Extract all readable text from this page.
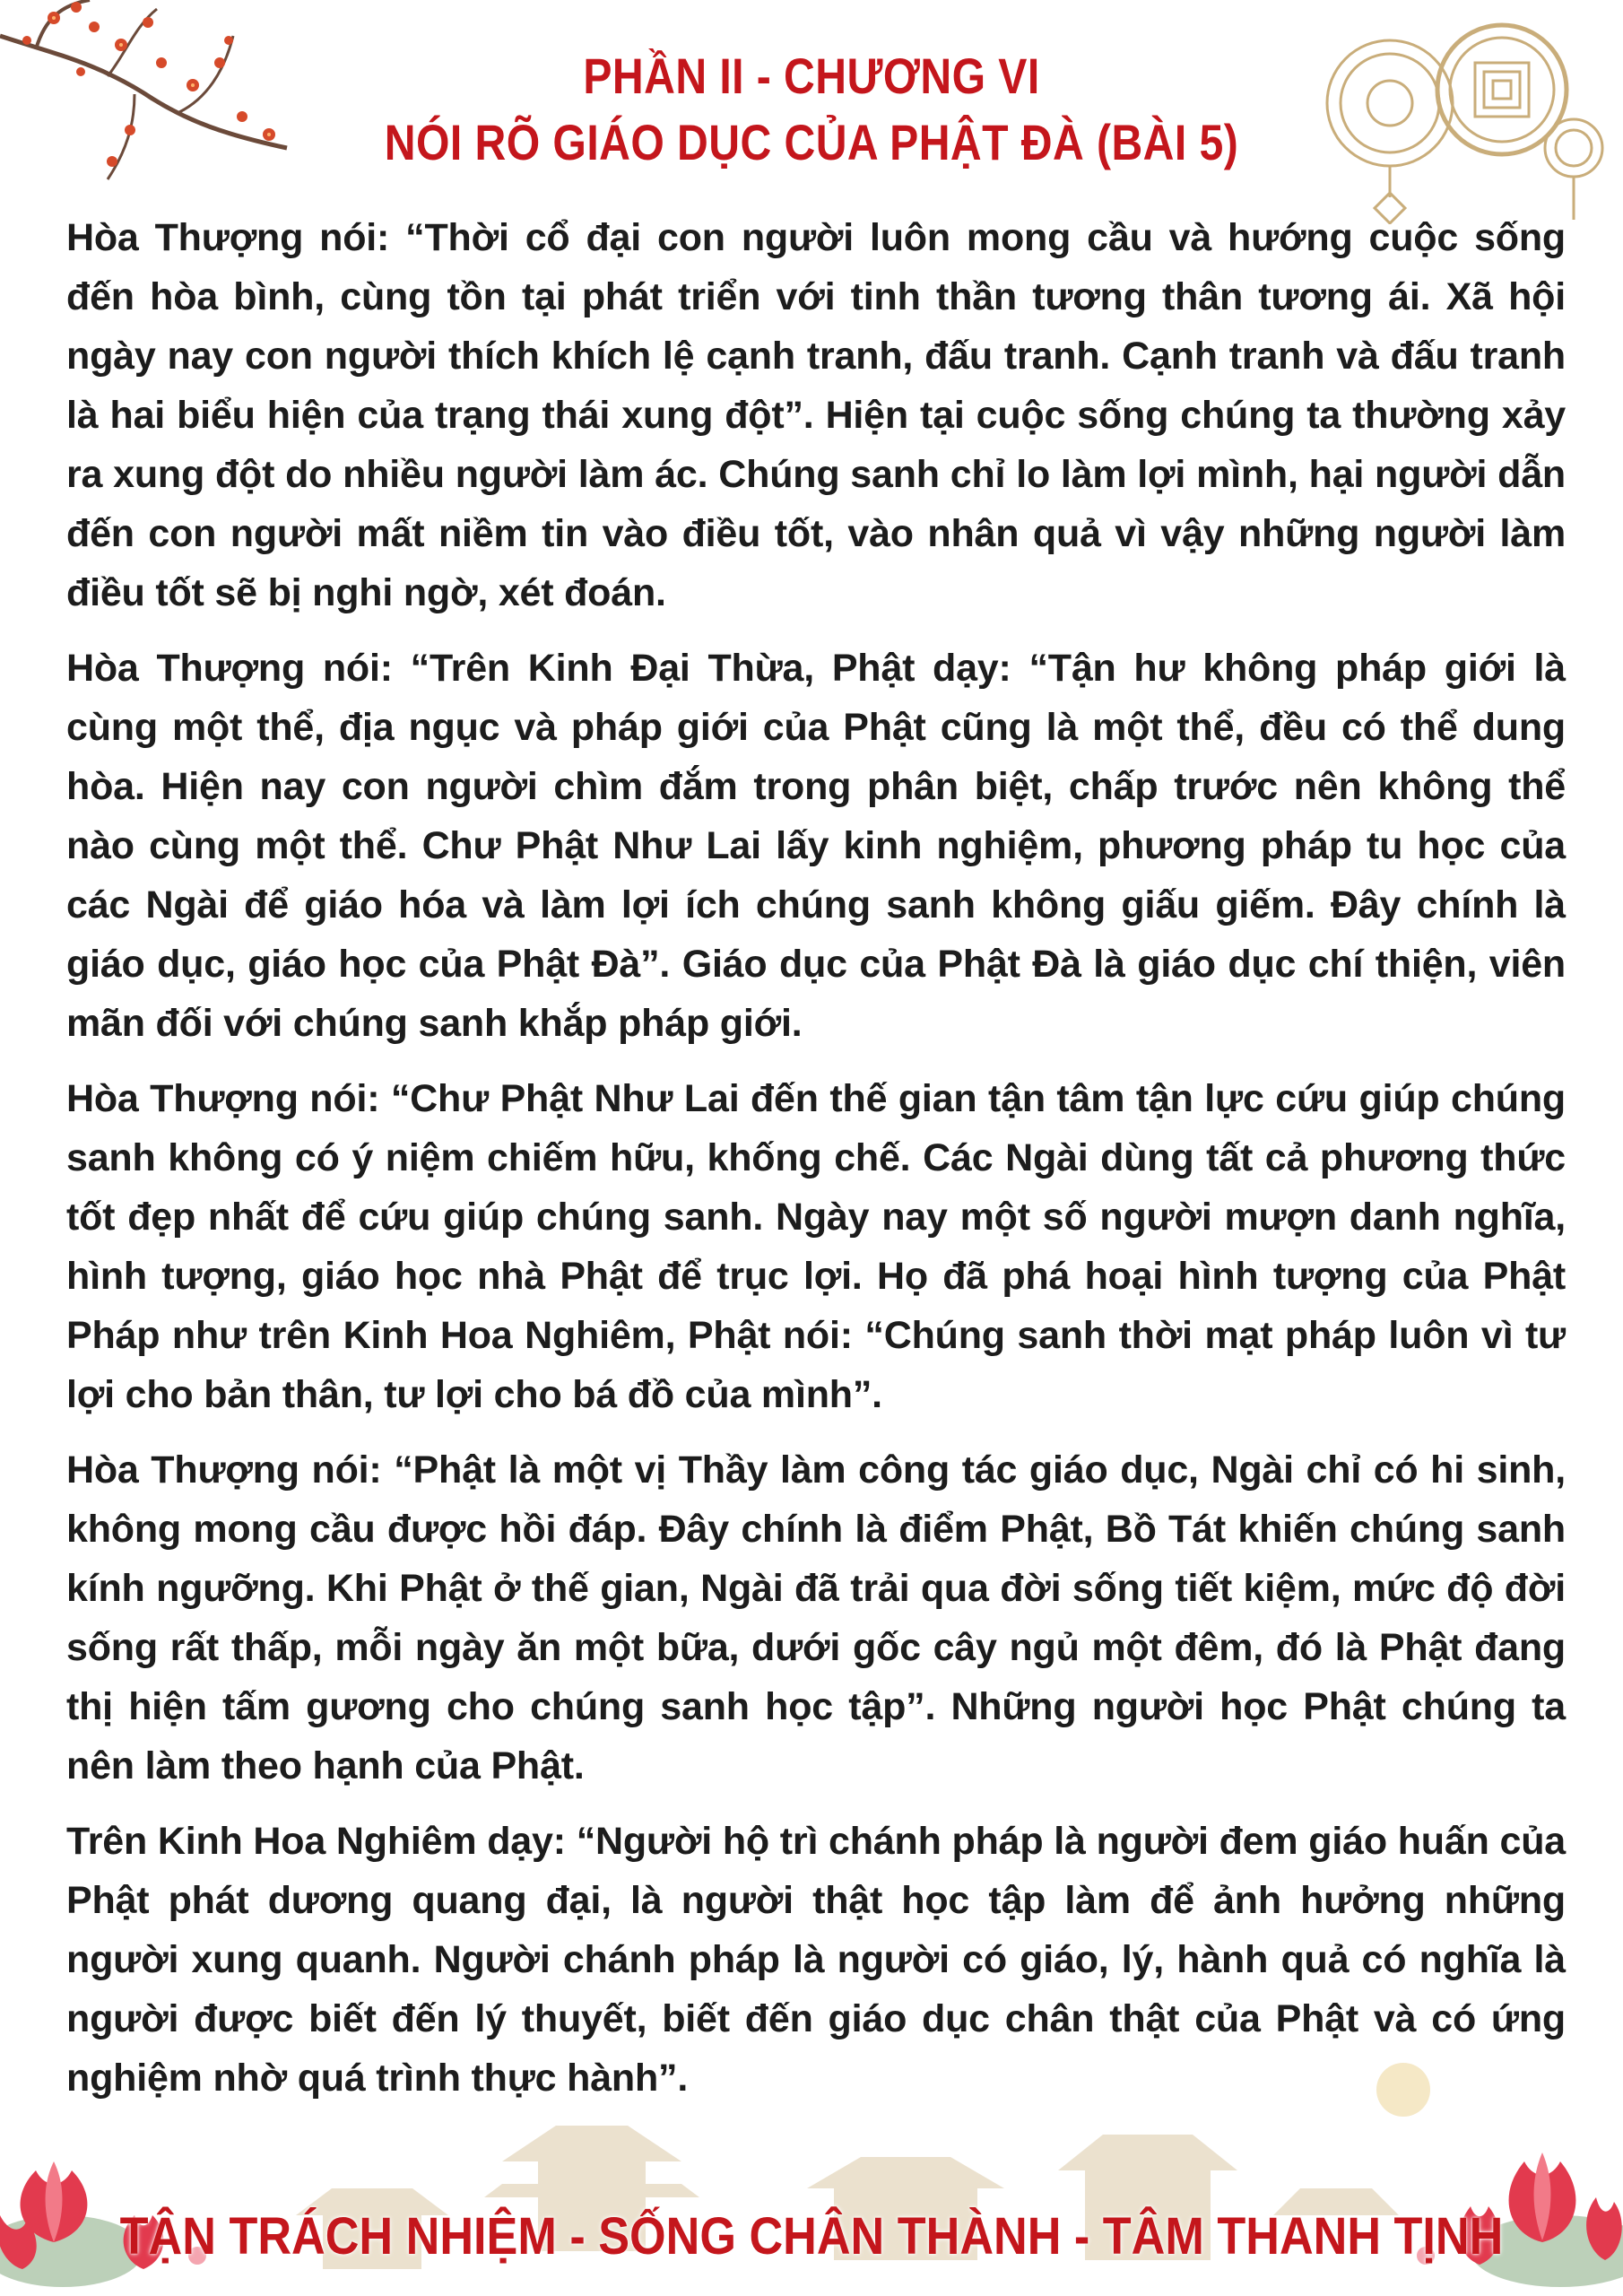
PHẦN II - CHƯƠNG VI
NÓI RÕ GIÁO DỤC CỦA PHẬT ĐÀ (BÀI 5)

Hòa Thượng nói: “Thời cổ đại con người luôn mong cầu và hướng cuộc sống đến hòa bình, cùng tồn tại phát triển với tinh thần tương thân tương ái. Xã hội ngày nay con người thích khích lệ cạnh tranh, đấu tranh. Cạnh tranh và đấu tranh là hai biểu hiện của trạng thái xung đột”. Hiện tại cuộc sống chúng ta thường xảy ra xung đột do nhiều người làm ác. Chúng sanh chỉ lo làm lợi mình, hại người dẫn đến con người mất niềm tin vào điều tốt, vào nhân quả vì vậy những người làm điều tốt sẽ bị nghi ngờ, xét đoán.

Hòa Thượng nói: “Trên Kinh Đại Thừa, Phật dạy: “Tận hư không pháp giới là cùng một thể, địa ngục và pháp giới của Phật cũng là một thể, đều có thể dung hòa. Hiện nay con người chìm đắm trong phân biệt, chấp trước nên không thể nào cùng một thể. Chư Phật Như Lai lấy kinh nghiệm, phương pháp tu học của các Ngài để giáo hóa và làm lợi ích chúng sanh không giấu giếm. Đây chính là giáo dục, giáo học của Phật Đà”. Giáo dục của Phật Đà là giáo dục chí thiện, viên mãn đối với chúng sanh khắp pháp giới.

Hòa Thượng nói: “Chư Phật Như Lai đến thế gian tận tâm tận lực cứu giúp chúng sanh không có ý niệm chiếm hữu, khống chế. Các Ngài dùng tất cả phương thức tốt đẹp nhất để cứu giúp chúng sanh. Ngày nay một số người mượn danh nghĩa, hình tượng, giáo học nhà Phật để trục lợi. Họ đã phá hoại hình tượng của Phật Pháp như trên Kinh Hoa Nghiêm, Phật nói: “Chúng sanh thời mạt pháp luôn vì tư lợi cho bản thân, tư lợi cho bá đồ của mình”.

Hòa Thượng nói: “Phật là một vị Thầy làm công tác giáo dục, Ngài chỉ có hi sinh, không mong cầu được hồi đáp. Đây chính là điểm Phật, Bồ Tát khiến chúng sanh kính ngưỡng. Khi Phật ở thế gian, Ngài đã trải qua đời sống tiết kiệm, mức độ đời sống rất thấp, mỗi ngày ăn một bữa, dưới gốc cây ngủ một đêm, đó là Phật đang thị hiện tấm gương cho chúng sanh học tập”. Những người học Phật chúng ta nên làm theo hạnh của Phật.

Trên Kinh Hoa Nghiêm dạy: “Người hộ trì chánh pháp là người đem giáo huấn của Phật phát dương quang đại, là người thật học tập làm để ảnh hưởng những người xung quanh. Người chánh pháp là người có giáo, lý, hành quả có nghĩa là người được biết đến lý thuyết, biết đến giáo dục chân thật của Phật và có ứng nghiệm nhờ quá trình thực hành”.

TẬN TRÁCH NHIỆM - SỐNG CHÂN THÀNH - TÂM THANH TỊNH
